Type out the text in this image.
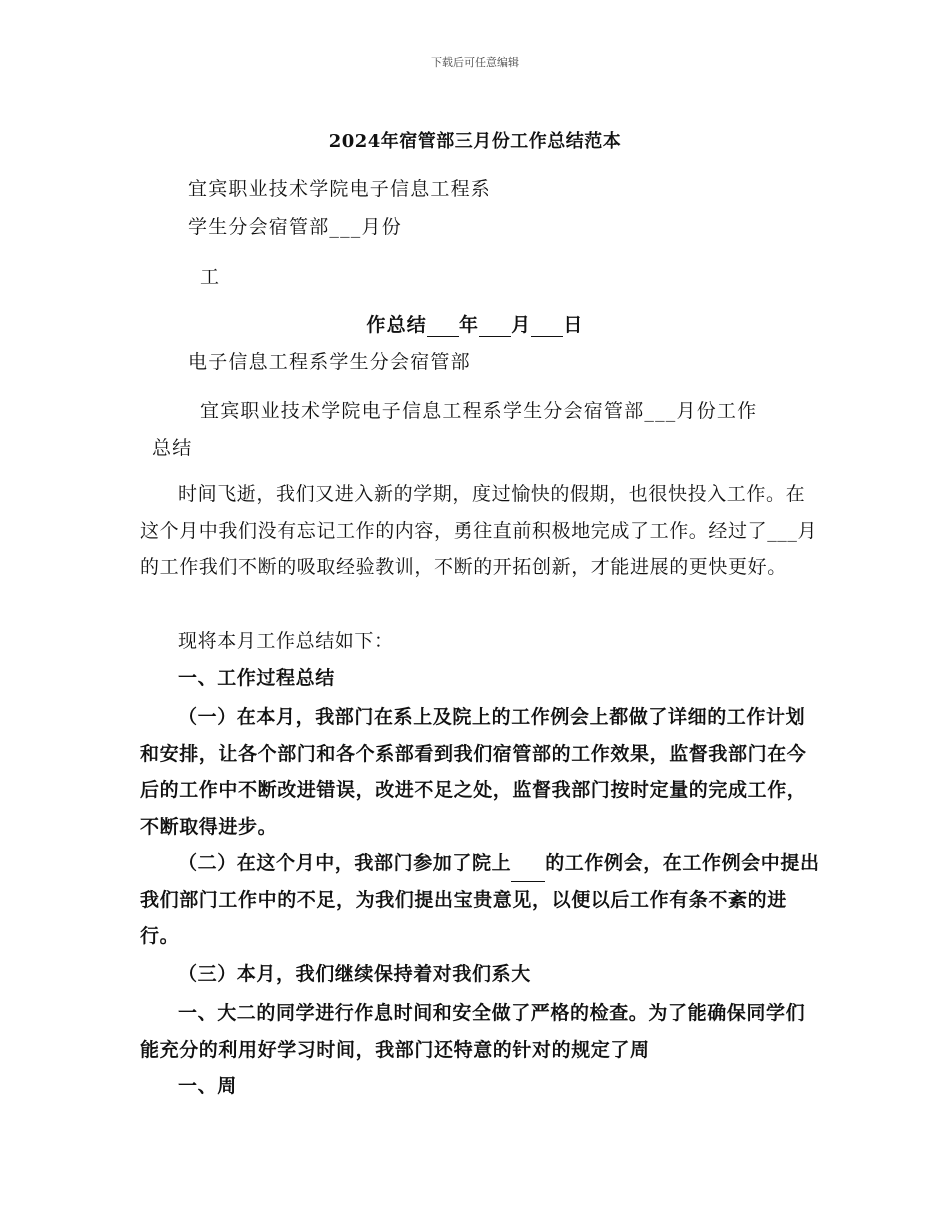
下载后可任意编辑
2024年宿管部三月份工作总结范本
宜宾职业技术学院电子信息工程系
学生分会宿管部___月份
工
作总结 年 月 日
电子信息工程系学生分会宿管部
宜宾职业技术学院电子信息工程系学生分会宿管部___月份工作
总结

时间飞逝，我们又进入新的学期，度过愉快的假期，也很快投入工作。在这个月中我们没有忘记工作的内容，勇往直前积极地完成了工作。经过了___月的工作我们不断的吸取经验教训，不断的开拓创新，才能进展的更快更好。

现将本月工作总结如下：

一、工作过程总结

（一）在本月，我部门在系上及院上的工作例会上都做了详细的工作计划和安排，让各个部门和各个系部看到我们宿管部的工作效果，监督我部门在今后的工作中不断改进错误，改进不足之处，监督我部门按时定量的完成工作，不断取得进步。

（二）在这个月中，我部门参加了院上 的工作例会，在工作例会中提出我们部门工作中的不足，为我们提出宝贵意见，以便以后工作有条不紊的进行。

（三）本月，我们继续保持着对我们系大

一、大二的同学进行作息时间和安全做了严格的检查。为了能确保同学们能充分的利用好学习时间，我部门还特意的针对的规定了周

一、周
